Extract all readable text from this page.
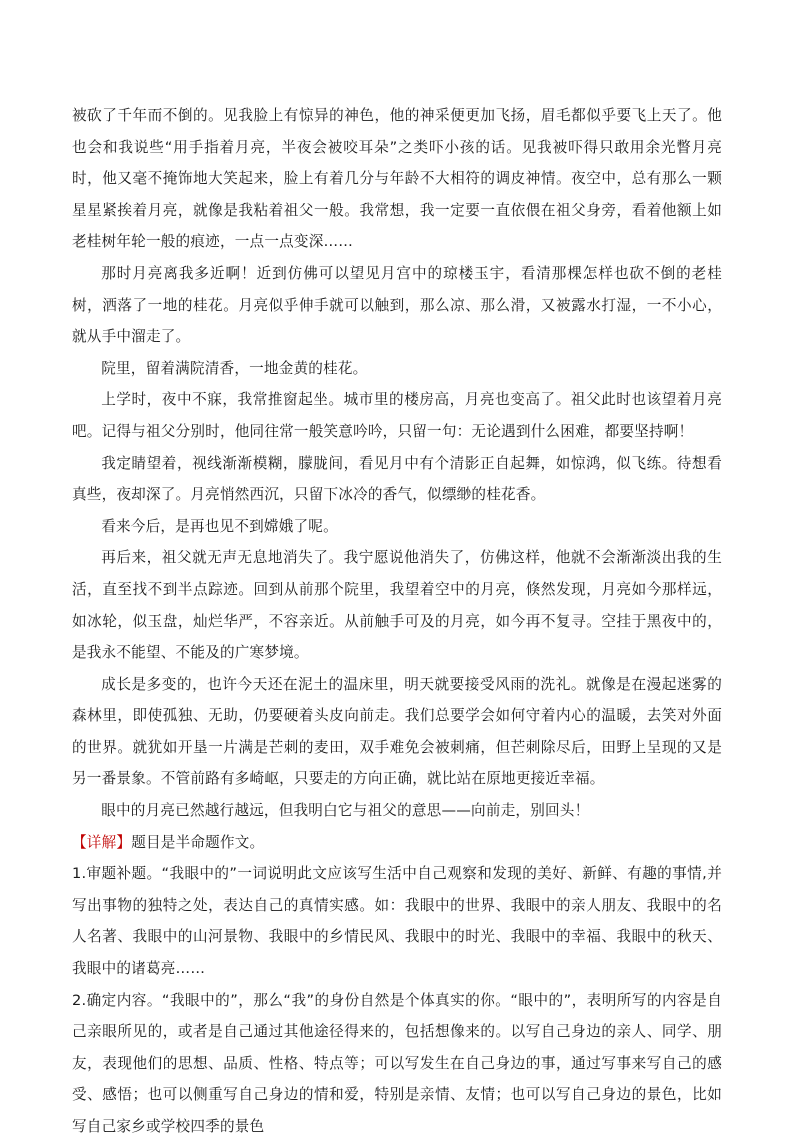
被砍了千年而不倒的。见我脸上有惊异的神色，他的神采便更加飞扬，眉毛都似乎要飞上天了。他也会和我说些“用手指着月亮，半夜会被咬耳朵”之类吓小孩的话。见我被吓得只敢用余光瞥月亮时，他又毫不掩饰地大笑起来，脸上有着几分与年龄不大相符的调皮神情。夜空中，总有那么一颗星星紧挨着月亮，就像是我粘着祖父一般。我常想，我一定要一直依偎在祖父身旁，看着他额上如老桂树年轮一般的痕迹，一点一点变深……

那时月亮离我多近啊！近到仿佛可以望见月宫中的琼楼玉宇，看清那棵怎样也砍不倒的老桂树，洒落了一地的桂花。月亮似乎伸手就可以触到，那么凉、那么滑，又被露水打湿，一不小心，就从手中溜走了。

院里，留着满院清香，一地金黄的桂花。

上学时，夜中不寐，我常推窗起坐。城市里的楼房高，月亮也变高了。祖父此时也该望着月亮吧。记得与祖父分别时，他同往常一般笑意吟吟，只留一句：无论遇到什么困难，都要坚持啊！

我定睛望着，视线渐渐模糊，朦胧间，看见月中有个清影正自起舞，如惊鸿，似飞练。待想看真些，夜却深了。月亮悄然西沉，只留下冰冷的香气，似缥缈的桂花香。

看来今后，是再也见不到嫦娥了呢。

再后来，祖父就无声无息地消失了。我宁愿说他消失了，仿佛这样，他就不会渐渐淡出我的生活，直至找不到半点踪迹。回到从前那个院里，我望着空中的月亮，倏然发现，月亮如今那样远，如冰轮，似玉盘，灿烂华严，不容亲近。从前触手可及的月亮，如今再不复寻。空挂于黑夜中的，是我永不能望、不能及的广寒梦境。

成长是多变的，也许今天还在泥土的温床里，明天就要接受风雨的洗礼。就像是在漫起迷雾的森林里，即使孤独、无助，仍要硬着头皮向前走。我们总要学会如何守着内心的温暖，去笑对外面的世界。就犹如开垦一片满是芒刺的麦田，双手难免会被刺痛，但芒刺除尽后，田野上呈现的又是另一番景象。不管前路有多崎岖，只要走的方向正确，就比站在原地更接近幸福。

眼中的月亮已然越行越远，但我明白它与祖父的意思——向前走，别回头！

【详解】题目是半命题作文。

1.审题补题。“我眼中的”一词说明此文应该写生活中自己观察和发现的美好、新鲜、有趣的事情,并写出事物的独特之处，表达自己的真情实感。如：我眼中的世界、我眼中的亲人朋友、我眼中的名人名著、我眼中的山河景物、我眼中的乡情民风、我眼中的时光、我眼中的幸福、我眼中的秋天、我眼中的诸葛亮……

2.确定内容。“我眼中的”，那么“我”的身份自然是个体真实的你。“眼中的”，表明所写的内容是自己亲眼所见的，或者是自己通过其他途径得来的，包括想像来的。以写自己身边的亲人、同学、朋友，表现他们的思想、品质、性格、特点等；可以写发生在自己身边的事，通过写事来写自己的感受、感悟；也可以侧重写自己身边的情和爱，特别是亲情、友情；也可以写自己身边的景色，比如写自己家乡或学校四季的景色
